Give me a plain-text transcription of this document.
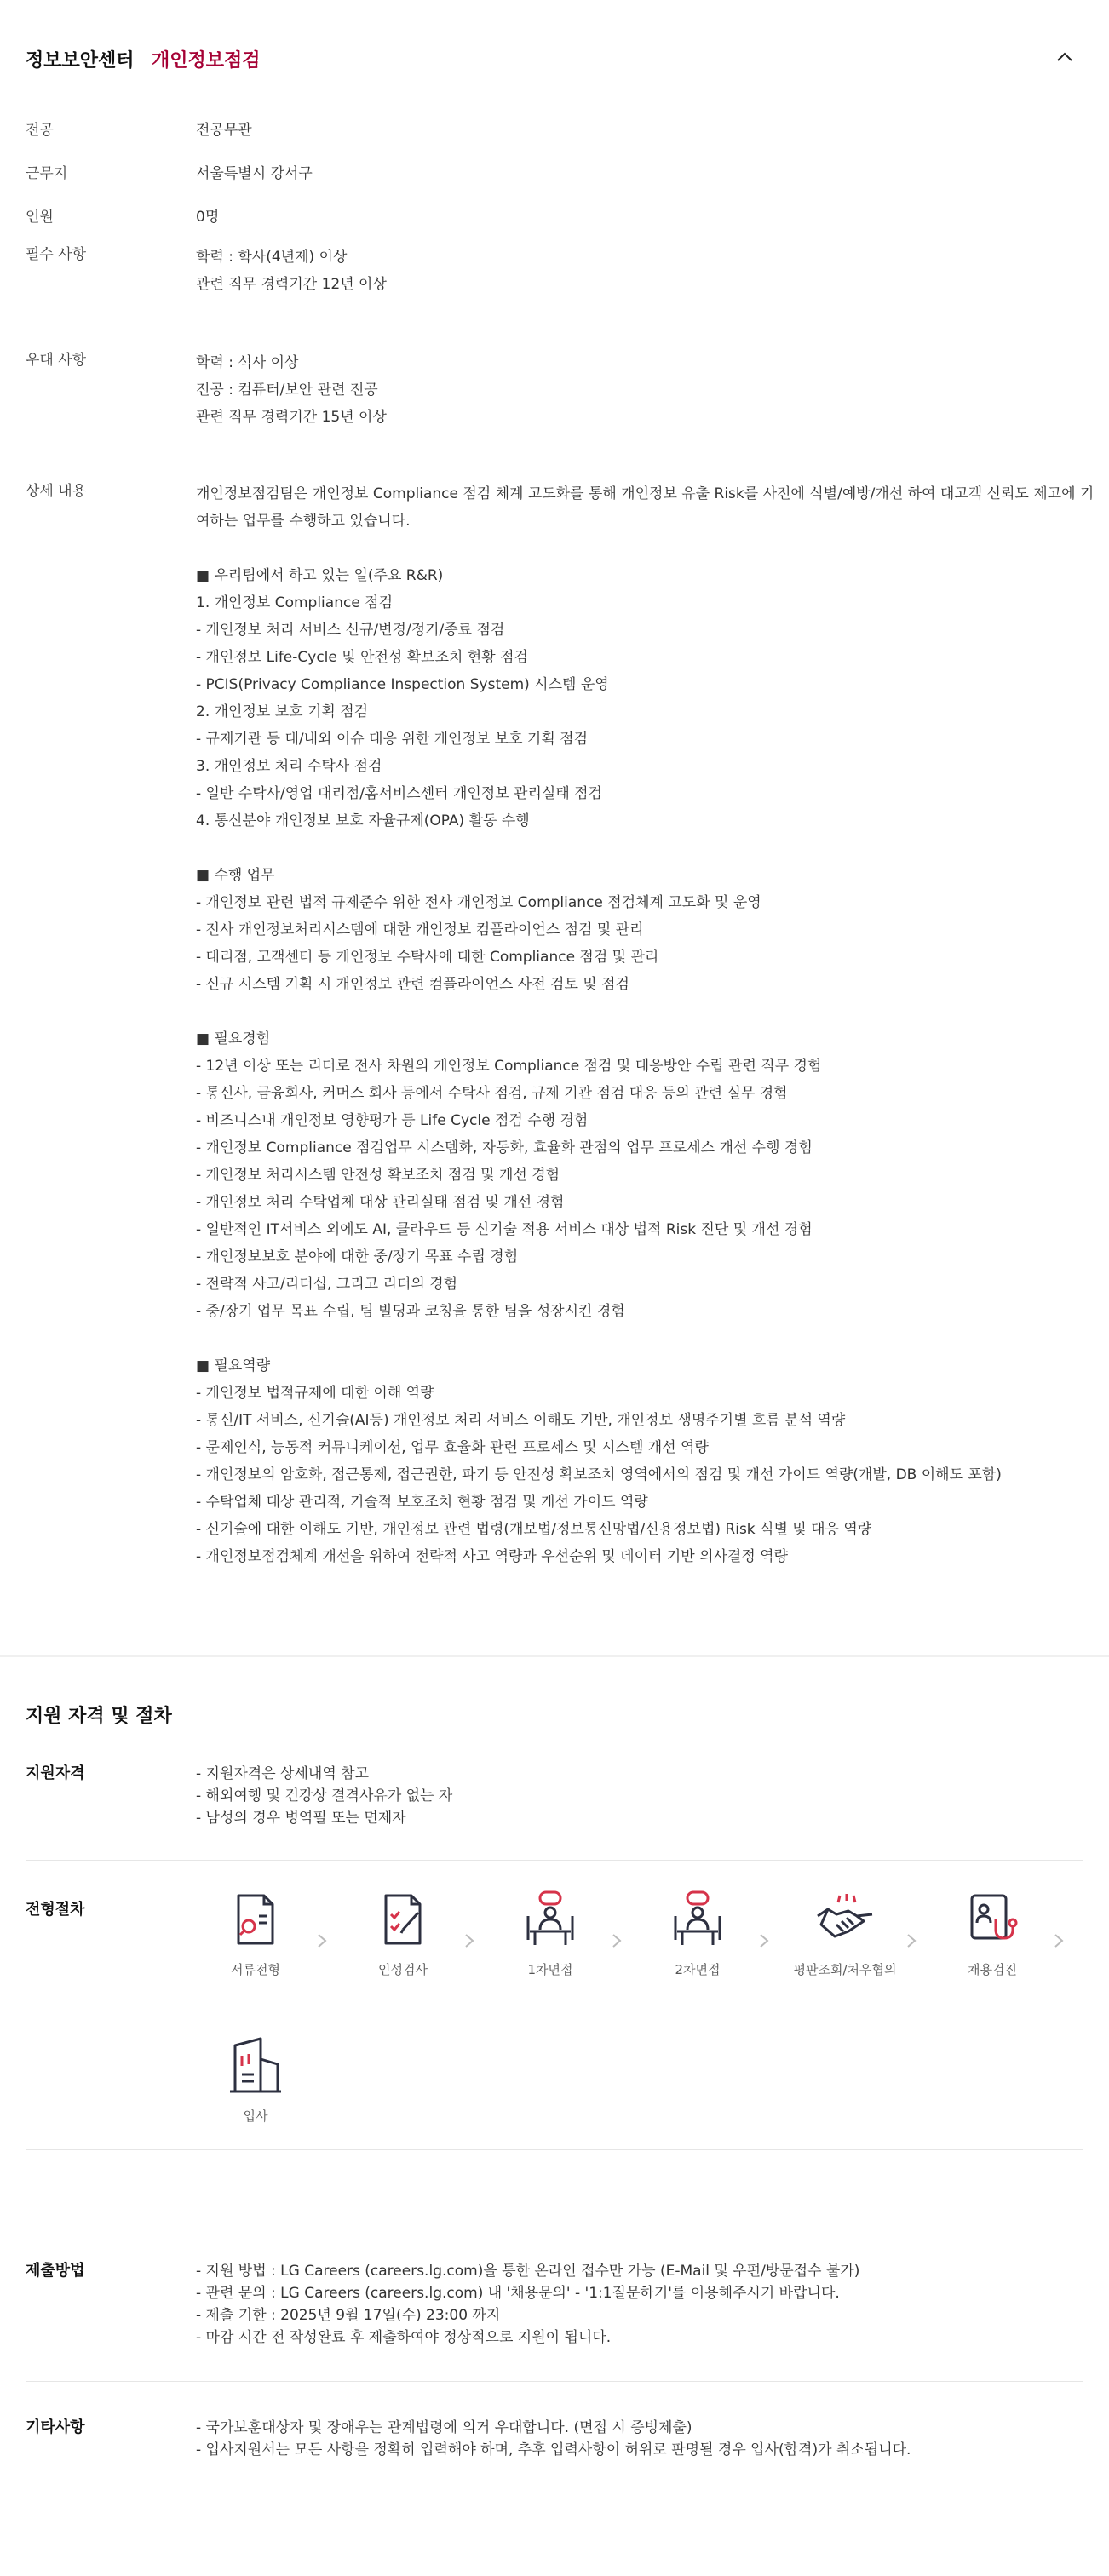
정보보안센터 개인정보점검
전공	전공무관
근무지	서울특별시 강서구
인원	0명
필수 사항	학력 : 학사(4년제) 이상
관련 직무 경력기간 12년 이상
우대 사항	학력 : 석사 이상
전공 : 컴퓨터/보안 관련 전공
관련 직무 경력기간 15년 이상
상세 내용	개인정보점검팀은 개인정보 Compliance 점검 체계 고도화를 통해 개인정보 유출 Risk를 사전에 식별/예방/개선 하여 대고객 신뢰도 제고에 기여하는 업무를 수행하고 있습니다.
■ 우리팀에서 하고 있는 일(주요 R&R)
1. 개인정보 Compliance 점검
- 개인정보 처리 서비스 신규/변경/정기/종료 점검
- 개인정보 Life-Cycle 및 안전성 확보조치 현황 점검
- PCIS(Privacy Compliance Inspection System) 시스템 운영
2. 개인정보 보호 기획 점검
- 규제기관 등 대/내외 이슈 대응 위한 개인정보 보호 기획 점검
3. 개인정보 처리 수탁사 점검
- 일반 수탁사/영업 대리점/홈서비스센터 개인정보 관리실태 점검
4. 통신분야 개인정보 보호 자율규제(OPA) 활동 수행
■ 수행 업무
- 개인정보 관련 법적 규제준수 위한 전사 개인정보 Compliance 점검체계 고도화 및 운영
- 전사 개인정보처리시스템에 대한 개인정보 컴플라이언스 점검 및 관리
- 대리점, 고객센터 등 개인정보 수탁사에 대한 Compliance 점검 및 관리
- 신규 시스템 기획 시 개인정보 관련 컴플라이언스 사전 검토 및 점검
■ 필요경험
- 12년 이상 또는 리더로 전사 차원의 개인정보 Compliance 점검 및 대응방안 수립 관련 직무 경험
- 통신사, 금융회사, 커머스 회사 등에서 수탁사 점검, 규제 기관 점검 대응 등의 관련 실무 경험
- 비즈니스내 개인정보 영향평가 등 Life Cycle 점검 수행 경험
- 개인정보 Compliance 점검업무 시스템화, 자동화, 효율화 관점의 업무 프로세스 개선 수행 경험
- 개인정보 처리시스템 안전성 확보조치 점검 및 개선 경험
- 개인정보 처리 수탁업체 대상 관리실태 점검 및 개선 경험
- 일반적인 IT서비스 외에도 AI, 클라우드 등 신기술 적용 서비스 대상 법적 Risk 진단 및 개선 경험
- 개인정보보호 분야에 대한 중/장기 목표 수립 경험
- 전략적 사고/리더십, 그리고 리더의 경험
- 중/장기 업무 목표 수립, 팀 빌딩과 코칭을 통한 팀을 성장시킨 경험
■ 필요역량
- 개인정보 법적규제에 대한 이해 역량
- 통신/IT 서비스, 신기술(AI등) 개인정보 처리 서비스 이해도 기반, 개인정보 생명주기별 흐름 분석 역량
- 문제인식, 능동적 커뮤니케이션, 업무 효율화 관련 프로세스 및 시스템 개선 역량
- 개인정보의 암호화, 접근통제, 접근권한, 파기 등 안전성 확보조치 영역에서의 점검 및 개선 가이드 역량(개발, DB 이해도 포함)
- 수탁업체 대상 관리적, 기술적 보호조치 현황 점검 및 개선 가이드 역량
- 신기술에 대한 이해도 기반, 개인정보 관련 법령(개보법/정보통신망법/신용정보법) Risk 식별 및 대응 역량
- 개인정보점검체계 개선을 위하여 전략적 사고 역량과 우선순위 및 데이터 기반 의사결정 역량
지원 자격 및 절차
지원자격	- 지원자격은 상세내역 참고
- 해외여행 및 건강상 결격사유가 없는 자
- 남성의 경우 병역필 또는 면제자
전형절차
서류전형	인성검사	1차면접	2차면접	평판조회/처우협의	채용검진
입사
제출방법	- 지원 방법 : LG Careers (careers.lg.com)을 통한 온라인 접수만 가능 (E-Mail 및 우편/방문접수 불가)
- 관련 문의 : LG Careers (careers.lg.com) 내 '채용문의' - '1:1질문하기'를 이용해주시기 바랍니다.
- 제출 기한 : 2025년 9월 17일(수) 23:00 까지
- 마감 시간 전 작성완료 후 제출하여야 정상적으로 지원이 됩니다.
기타사항	- 국가보훈대상자 및 장애우는 관계법령에 의거 우대합니다. (면접 시 증빙제출)
- 입사지원서는 모든 사항을 정확히 입력해야 하며, 추후 입력사항이 허위로 판명될 경우 입사(합격)가 취소됩니다.
